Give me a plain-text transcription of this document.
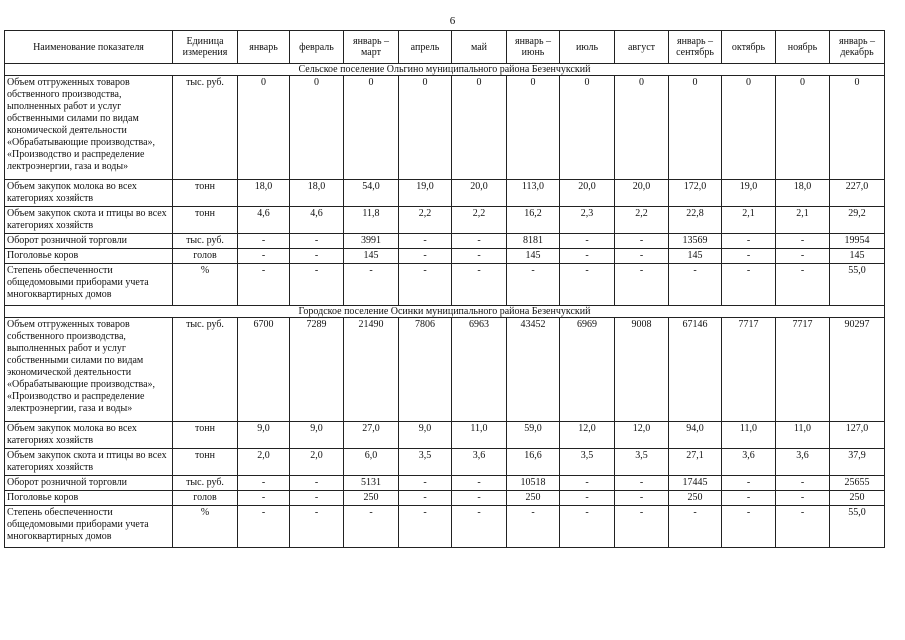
6
Наименование показателя	Единица измерения	январь	февраль	январь – март	апрель	май	январь – июнь	июль	август	январь – сентябрь	октябрь	ноябрь	январь – декабрь
Сельское поселение Ольгино муниципального района Безенчукский													
Объем отгруженных товаров обственного производства, ыполненных работ и услуг обственными силами по видам кономической деятельности «Обрабатывающие производства», «Производство и распределение лектроэнергии, газа и воды»	тыс. руб.	0	0	0	0	0	0	0	0	0	0	0	0
Объем закупок молока во всех категориях хозяйств	тонн	18,0	18,0	54,0	19,0	20,0	113,0	20,0	20,0	172,0	19,0	18,0	227,0
Объем закупок скота и птицы во всех категориях хозяйств	тонн	4,6	4,6	11,8	2,2	2,2	16,2	2,3	2,2	22,8	2,1	2,1	29,2
Оборот розничной торговли	тыс. руб.	-	-	3991	-	-	8181	-	-	13569	-	-	19954
Поголовье коров	голов	-	-	145	-	-	145	-	-	145	-	-	145
Степень обеспеченности общедомовыми приборами учета многоквартирных домов	%	-	-	-	-	-	-	-	-	-	-	-	55,0
Городское поселение Осинки муниципального района Безенчукский													
Объем отгруженных товаров собственного производства, выполненных работ и услуг собственными силами по видам экономической деятельности «Обрабатывающие производства», «Производство и распределение электроэнергии, газа и воды»	тыс. руб.	6700	7289	21490	7806	6963	43452	6969	9008	67146	7717	7717	90297
Объем закупок молока во всех категориях хозяйств	тонн	9,0	9,0	27,0	9,0	11,0	59,0	12,0	12,0	94,0	11,0	11,0	127,0
Объем закупок скота и птицы во всех категориях хозяйств	тонн	2,0	2,0	6,0	3,5	3,6	16,6	3,5	3,5	27,1	3,6	3,6	37,9
Оборот розничной торговли	тыс. руб.	-	-	5131	-	-	10518	-	-	17445	-	-	25655
Поголовье коров	голов	-	-	250	-	-	250	-	-	250	-	-	250
Степень обеспеченности общедомовыми приборами учета многоквартирных домов	%	-	-	-	-	-	-	-	-	-	-	-	55,0
